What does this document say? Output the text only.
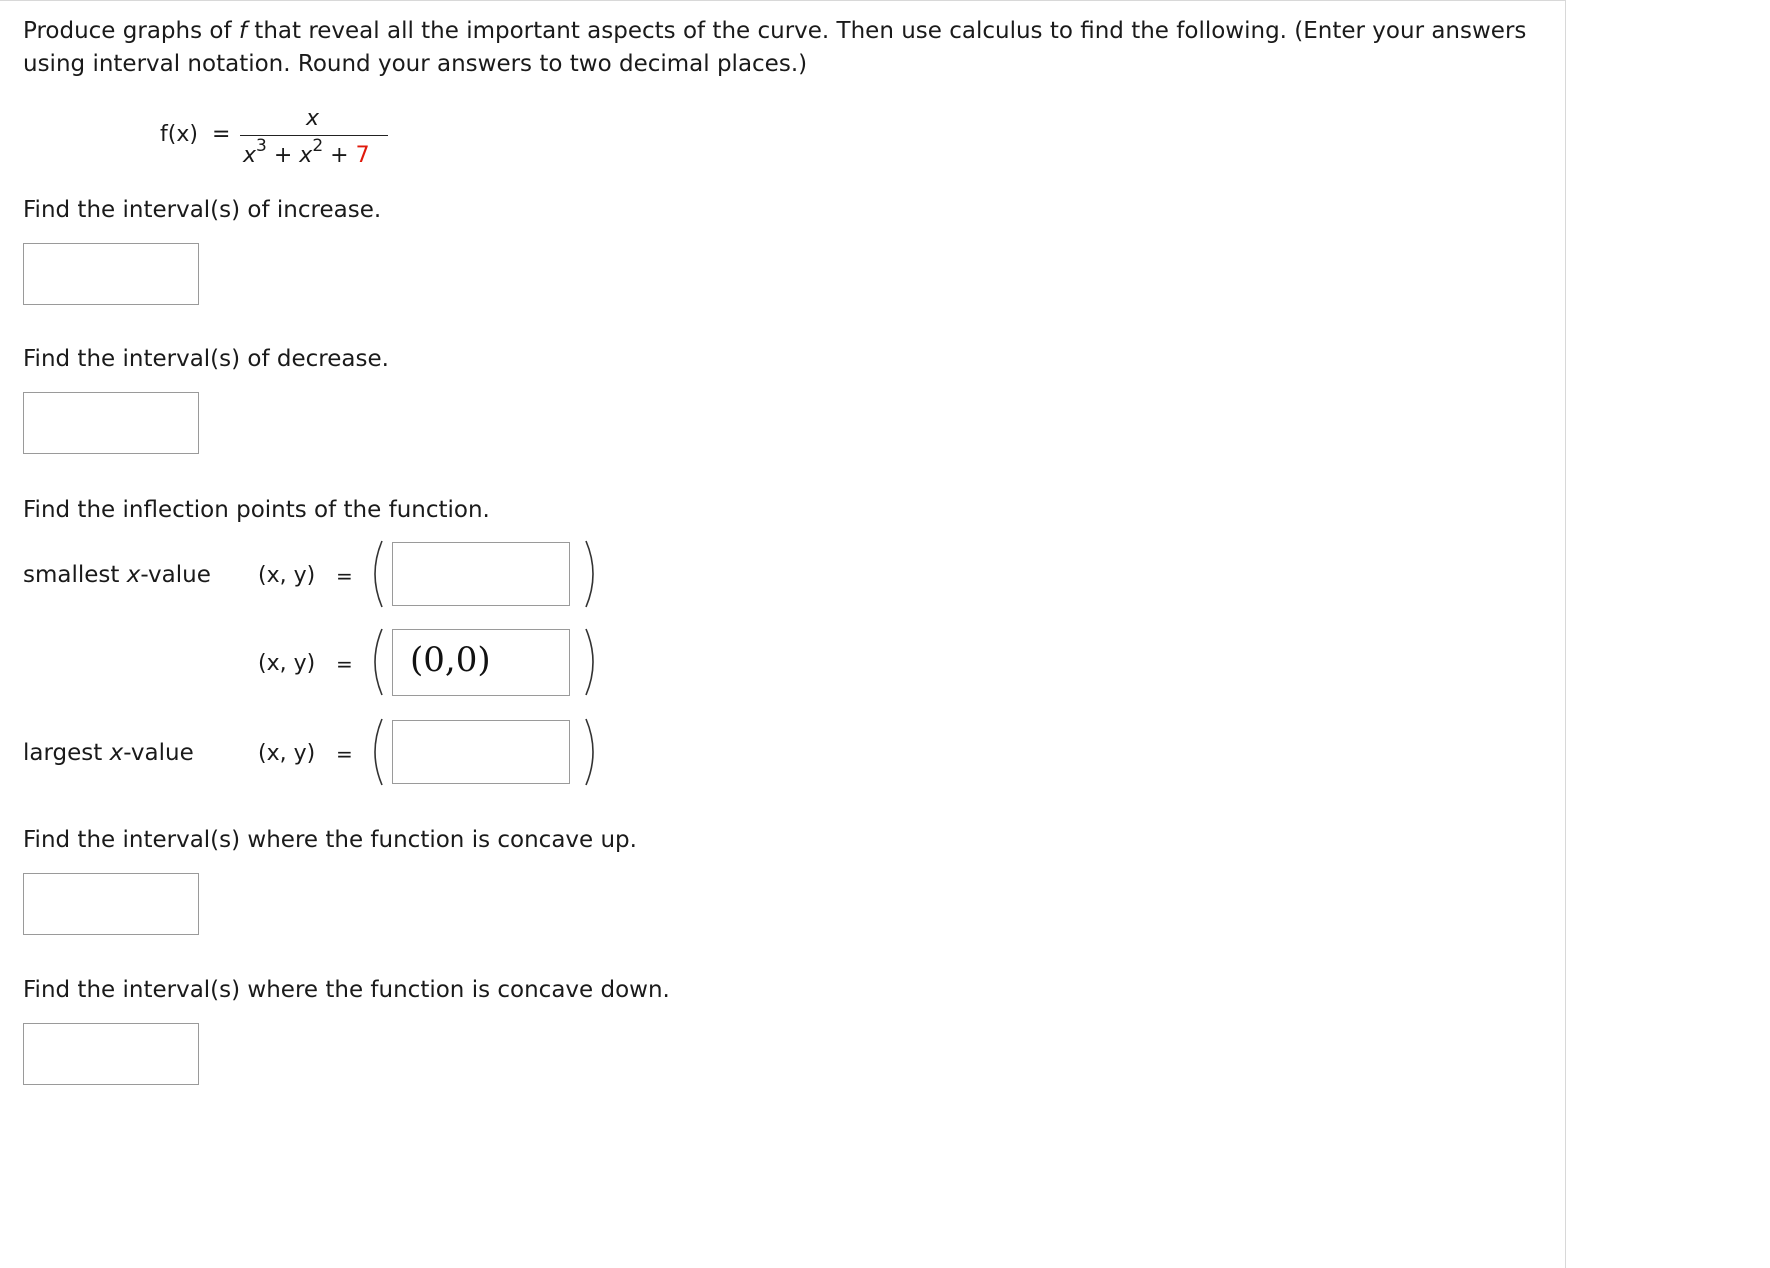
Produce graphs of f that reveal all the important aspects of the curve. Then use calculus to find the following. (Enter your answers using interval notation. Round your answers to two decimal places.)
f(x) =
x
$x^3 + x^2 + 7$
Find the interval(s) of increase.
Find the interval(s) of decrease.
Find the inflection points of the function.
smallest x-value (x, y) =
(x, y) = (0,0)
largest x-value	(x, y) =
Find the interval(s) where the function is concave up.
Find the interval(s) where the function is concave down.
